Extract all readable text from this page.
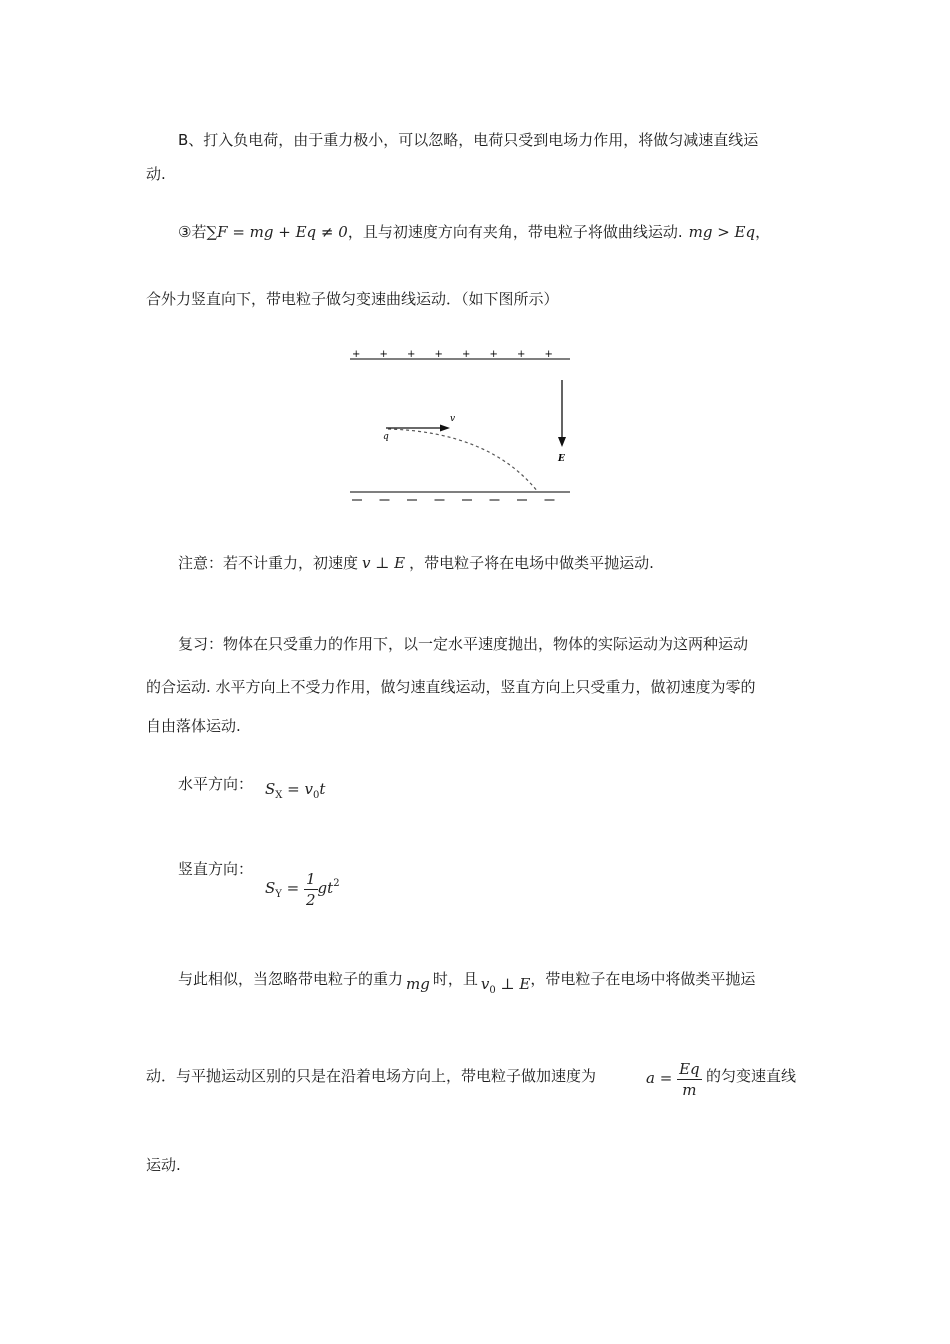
B、打入负电荷，由于重力极小，可以忽略，电荷只受到电场力作用，将做匀减速直线运
动.
③若∑F = mg + Eq ≠ 0，且与初速度方向有夹角，带电粒子将做曲线运动. mg > Eq，
合外力竖直向下，带电粒子做匀变速曲线运动．（如下图所示）
+ + + + + + + +
v
q
E
注意：若不计重力，初速度 v ⊥ E ，带电粒子将在电场中做类平抛运动.
复习：物体在只受重力的作用下，以一定水平速度抛出，物体的实际运动为这两种运动
的合运动. 水平方向上不受力作用，做匀速直线运动，竖直方向上只受重力，做初速度为零的
自由落体运动.
水平方向： $S_X = v_0t$
竖直方向：
$S_Y = \frac{1}{2} gt^2$
与此相似，当忽略带电粒子的重力 mg 时，且 $v_0$ ⊥ E，带电粒子在电场中将做类平抛运
动．与平抛运动区别的只是在沿着电场方向上，带电粒子做加速度为	$a = \frac{Eq}{m}$ 的匀变速直线
运动.
